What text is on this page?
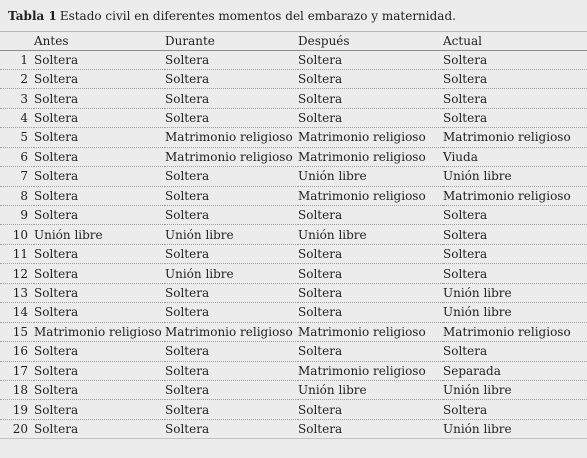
Tabla 1 Estado civil en diferentes momentos del embarazo y maternidad.
	Antes	Durante	Después	Actual
1	Soltera	Soltera	Soltera	Soltera
2	Soltera	Soltera	Soltera	Soltera
3	Soltera	Soltera	Soltera	Soltera
4	Soltera	Soltera	Soltera	Soltera
5	Soltera	Matrimonio religioso	Matrimonio religioso	Matrimonio religioso
6	Soltera	Matrimonio religioso	Matrimonio religioso	Viuda
7	Soltera	Soltera	Unión libre	Unión libre
8	Soltera	Soltera	Matrimonio religioso	Matrimonio religioso
9	Soltera	Soltera	Soltera	Soltera
10	Unión libre	Unión libre	Unión libre	Soltera
11	Soltera	Soltera	Soltera	Soltera
12	Soltera	Unión libre	Soltera	Soltera
13	Soltera	Soltera	Soltera	Unión libre
14	Soltera	Soltera	Soltera	Unión libre
15	Matrimonio religioso	Matrimonio religioso	Matrimonio religioso	Matrimonio religioso
16	Soltera	Soltera	Soltera	Soltera
17	Soltera	Soltera	Matrimonio religioso	Separada
18	Soltera	Soltera	Unión libre	Unión libre
19	Soltera	Soltera	Soltera	Soltera
20	Soltera	Soltera	Soltera	Unión libre
